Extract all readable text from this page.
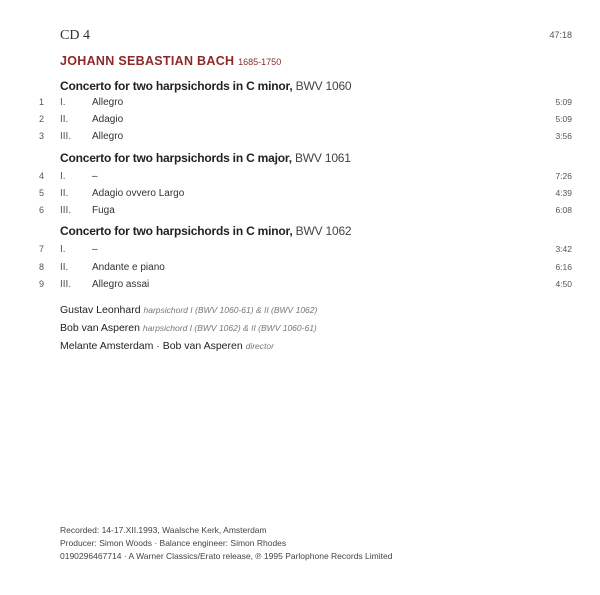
CD 4	47:18
JOHANN SEBASTIAN BACH 1685-1750
Concerto for two harpsichords in C minor, BWV 1060
1 I.	Allegro	5:09
2 II.	Adagio	5:09
3 III.	Allegro	3:56
Concerto for two harpsichords in C major, BWV 1061
4 I.	–	7:26
5 II.	Adagio ovvero Largo	4:39
6 III.	Fuga	6:08
Concerto for two harpsichords in C minor, BWV 1062
7 I.	–	3:42
8 II.	Andante e piano	6:16
9 III.	Allegro assai	4:50
Gustav Leonhard harpsichord I (BWV 1060-61) & II (BWV 1062)
Bob van Asperen harpsichord I (BWV 1062) & II (BWV 1060-61)
Melante Amsterdam · Bob van Asperen director
Recorded: 14-17.XII.1993, Waalsche Kerk, Amsterdam
Producer: Simon Woods · Balance engineer: Simon Rhodes
0190296467714 · A Warner Classics/Erato release, ℗ 1995 Parlophone Records Limited
